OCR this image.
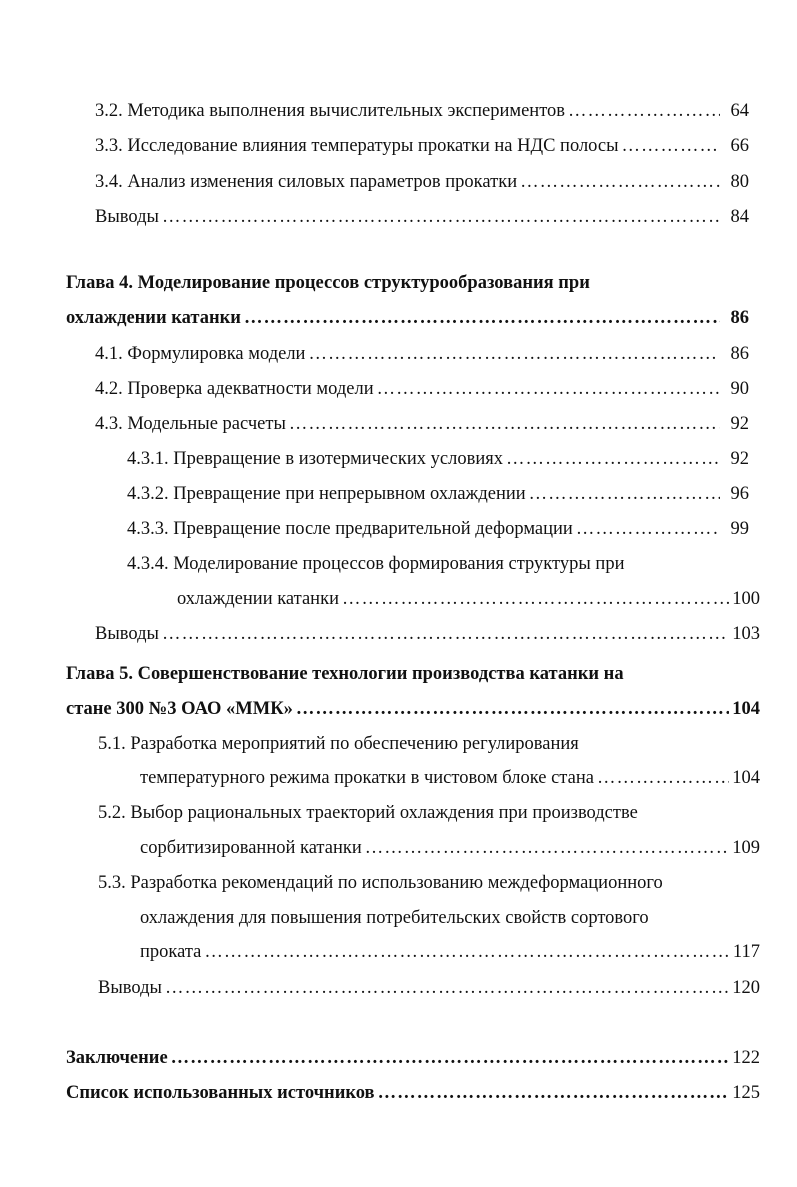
3.2. Методика выполнения вычислительных экспериментов ………………………………………………………………………………………………………………………………………………………………………………………………	64
3.3. Исследование влияния температуры прокатки на НДС полосы ………………………………………………………………………………………………………………………………………………………………………………………………	66
3.4. Анализ изменения силовых параметров прокатки ………………………………………………………………………………………………………………………………………………………………………………………………	80
Выводы ………………………………………………………………………………………………………………………………………………………………………………………………	84
Глава 4. Моделирование процессов структурообразования при
охлаждении катанки ………………………………………………………………………………………………………………………………………………………………………………………………	86
4.1. Формулировка модели ………………………………………………………………………………………………………………………………………………………………………………………………	86
4.2. Проверка адекватности модели ………………………………………………………………………………………………………………………………………………………………………………………………	90
4.3. Модельные расчеты ………………………………………………………………………………………………………………………………………………………………………………………………	92
4.3.1. Превращение в изотермических условиях ………………………………………………………………………………………………………………………………………………………………………………………………	92
4.3.2. Превращение при непрерывном охлаждении ………………………………………………………………………………………………………………………………………………………………………………………………	96
4.3.3. Превращение после предварительной деформации ………………………………………………………………………………………………………………………………………………………………………………………………	99
4.3.4. Моделирование процессов формирования структуры при
охлаждении катанки ………………………………………………………………………………………………………………………………………………………………………………………………	100
Выводы ………………………………………………………………………………………………………………………………………………………………………………………………	103
Глава 5. Совершенствование технологии производства катанки на
стане 300 №3 ОАО «ММК» ………………………………………………………………………………………………………………………………………………………………………………………………	104
5.1. Разработка мероприятий по обеспечению регулирования
температурного режима прокатки в чистовом блоке стана ………………………………………………………………………………………………………………………………………………………………………………………………	104
5.2. Выбор рациональных траекторий охлаждения при производстве
сорбитизированной катанки ………………………………………………………………………………………………………………………………………………………………………………………………	109
5.3. Разработка рекомендаций по использованию междеформационного
охлаждения для повышения потребительских свойств сортового
проката ………………………………………………………………………………………………………………………………………………………………………………………………	117
Выводы ………………………………………………………………………………………………………………………………………………………………………………………………	120
Заключение ………………………………………………………………………………………………………………………………………………………………………………………………	122
Список использованных источников ………………………………………………………………………………………………………………………………………………………………………………………………	125
